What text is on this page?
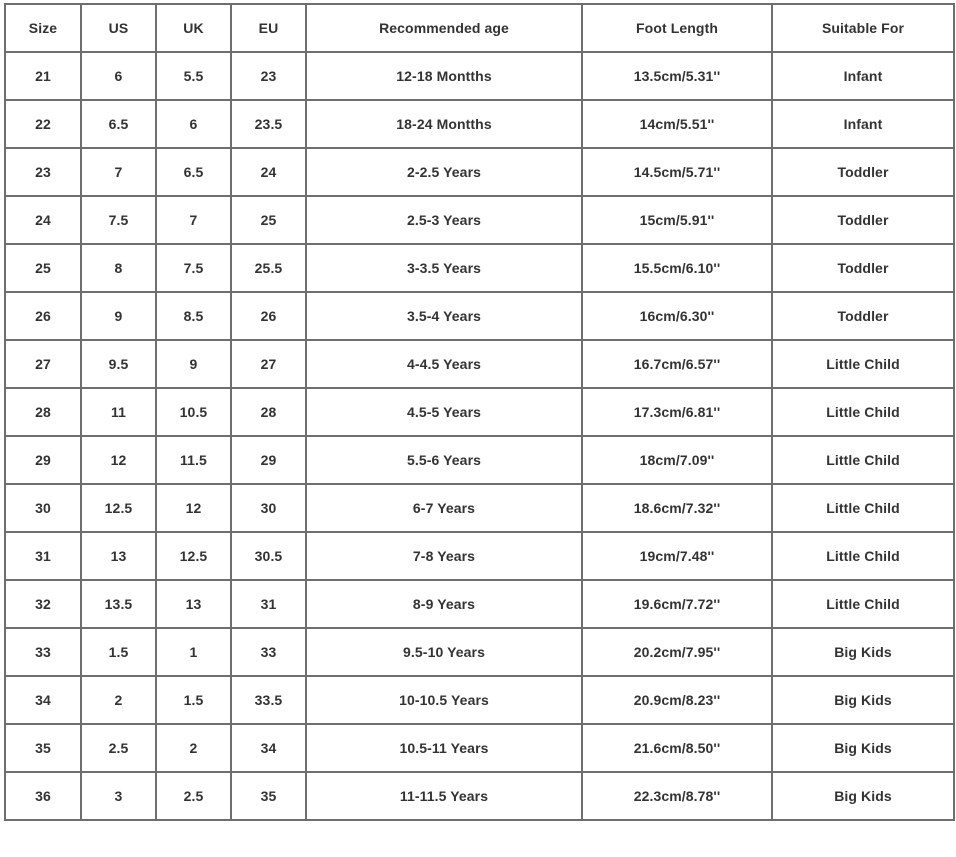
Size	US	UK	EU	Recommended age	Foot Length	Suitable For
21	6	5.5	23	12-18 Montths	13.5cm/5.31''	Infant
22	6.5	6	23.5	18-24 Montths	14cm/5.51''	Infant
23	7	6.5	24	2-2.5 Years	14.5cm/5.71''	Toddler
24	7.5	7	25	2.5-3 Years	15cm/5.91''	Toddler
25	8	7.5	25.5	3-3.5 Years	15.5cm/6.10''	Toddler
26	9	8.5	26	3.5-4 Years	16cm/6.30''	Toddler
27	9.5	9	27	4-4.5 Years	16.7cm/6.57''	Little Child
28	11	10.5	28	4.5-5 Years	17.3cm/6.81''	Little Child
29	12	11.5	29	5.5-6 Years	18cm/7.09''	Little Child
30	12.5	12	30	6-7 Years	18.6cm/7.32''	Little Child
31	13	12.5	30.5	7-8 Years	19cm/7.48''	Little Child
32	13.5	13	31	8-9 Years	19.6cm/7.72''	Little Child
33	1.5	1	33	9.5-10 Years	20.2cm/7.95''	Big Kids
34	2	1.5	33.5	10-10.5 Years	20.9cm/8.23''	Big Kids
35	2.5	2	34	10.5-11 Years	21.6cm/8.50''	Big Kids
36	3	2.5	35	11-11.5 Years	22.3cm/8.78''	Big Kids
